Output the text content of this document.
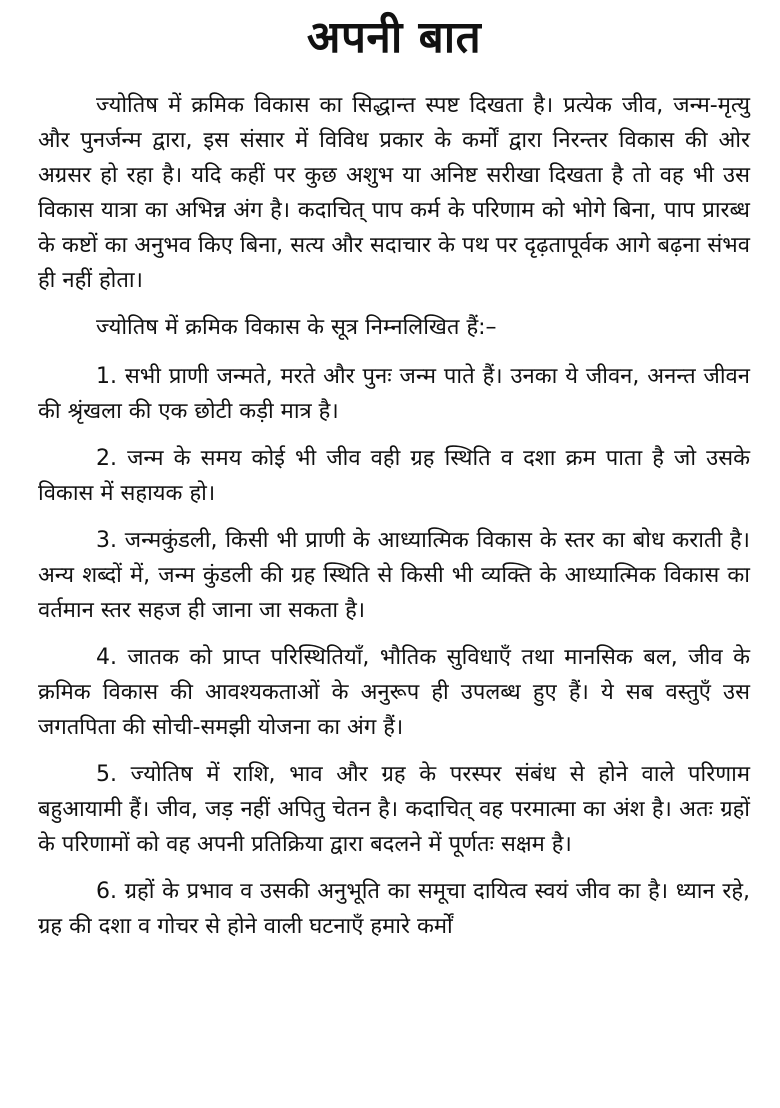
अपनी बात

ज्योतिष में क्रमिक विकास का सिद्धान्त स्पष्ट दिखता है। प्रत्येक जीव, जन्म-मृत्यु और पुनर्जन्म द्वारा, इस संसार में विविध प्रकार के कर्मों द्वारा निरन्तर विकास की ओर अग्रसर हो रहा है। यदि कहीं पर कुछ अशुभ या अनिष्ट सरीखा दिखता है तो वह भी उस विकास यात्रा का अभिन्न अंग है। कदाचित् पाप कर्म के परिणाम को भोगे बिना, पाप प्रारब्ध के कष्टों का अनुभव किए बिना, सत्य और सदाचार के पथ पर दृढ़तापूर्वक आगे बढ़ना संभव ही नहीं होता।

ज्योतिष में क्रमिक विकास के सूत्र निम्नलिखित हैं:–

1. सभी प्राणी जन्मते, मरते और पुनः जन्म पाते हैं। उनका ये जीवन, अनन्त जीवन की श्रृंखला की एक छोटी कड़ी मात्र है।

2. जन्म के समय कोई भी जीव वही ग्रह स्थिति व दशा क्रम पाता है जो उसके विकास में सहायक हो।

3. जन्मकुंडली, किसी भी प्राणी के आध्यात्मिक विकास के स्तर का बोध कराती है। अन्य शब्दों में, जन्म कुंडली की ग्रह स्थिति से किसी भी व्यक्ति के आध्यात्मिक विकास का वर्तमान स्तर सहज ही जाना जा सकता है।

4. जातक को प्राप्त परिस्थितियाँ, भौतिक सुविधाएँ तथा मानसिक बल, जीव के क्रमिक विकास की आवश्यकताओं के अनुरूप ही उपलब्ध हुए हैं। ये सब वस्तुएँ उस जगतपिता की सोची-समझी योजना का अंग हैं।

5. ज्योतिष में राशि, भाव और ग्रह के परस्पर संबंध से होने वाले परिणाम बहुआयामी हैं। जीव, जड़ नहीं अपितु चेतन है। कदाचित् वह परमात्मा का अंश है। अतः ग्रहों के परिणामों को वह अपनी प्रतिक्रिया द्वारा बदलने में पूर्णतः सक्षम है।

6. ग्रहों के प्रभाव व उसकी अनुभूति का समूचा दायित्व स्वयं जीव का है। ध्यान रहे, ग्रह की दशा व गोचर से होने वाली घटनाएँ हमारे कर्मों
